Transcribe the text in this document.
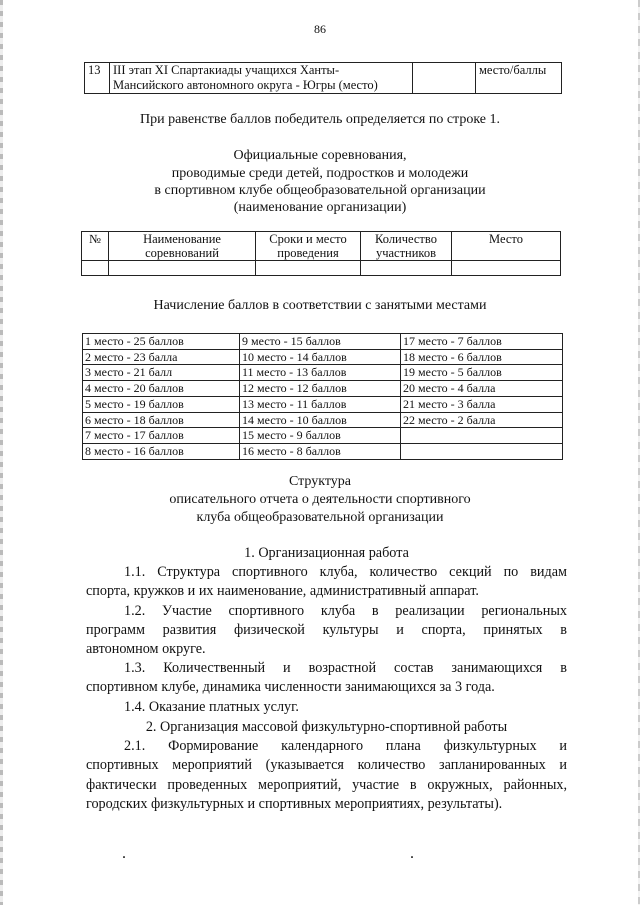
86
13	III этап XI Спартакиады учащихся Ханты-Мансийского автономного округа - Югры (место)		место/баллы
При равенстве баллов победитель определяется по строке 1.
Официальные соревнования,
проводимые среди детей, подростков и молодежи
в спортивном клубе общеобразовательной организации
(наименование организации)
№	Наименование соревнований	Сроки и место проведения	Количество участников	Место

Начисление баллов в соответствии с занятыми местами
1 место - 25 баллов	9 место - 15 баллов	17 место - 7 баллов
2 место - 23 балла	10 место - 14 баллов	18 место - 6 баллов
3 место - 21 балл	11 место - 13 баллов	19 место - 5 баллов
4 место - 20 баллов	12 место - 12 баллов	20 место - 4 балла
5 место - 19 баллов	13 место - 11 баллов	21 место - 3 балла
6 место - 18 баллов	14 место - 10 баллов	22 место - 2 балла
7 место - 17 баллов	15 место - 9 баллов	
8 место - 16 баллов	16 место - 8 баллов	
Структура
описательного отчета о деятельности спортивного
клуба общеобразовательной организации

1. Организационная работа

1.1. Структура спортивного клуба, количество секций по видам

спорта, кружков и их наименование, административный аппарат.

1.2. Участие спортивного клуба в реализации региональных

программ развития физической культуры и спорта, принятых в

автономном округе.

1.3. Количественный и возрастной состав занимающихся в

спортивном клубе, динамика численности занимающихся за 3 года.

1.4. Оказание платных услуг.

2. Организация массовой физкультурно-спортивной работы

2.1. Формирование календарного плана физкультурных и

спортивных мероприятий (указывается количество запланированных и

фактически проведенных мероприятий, участие в окружных, районных,

городских физкультурных и спортивных мероприятиях, результаты).

.	.
